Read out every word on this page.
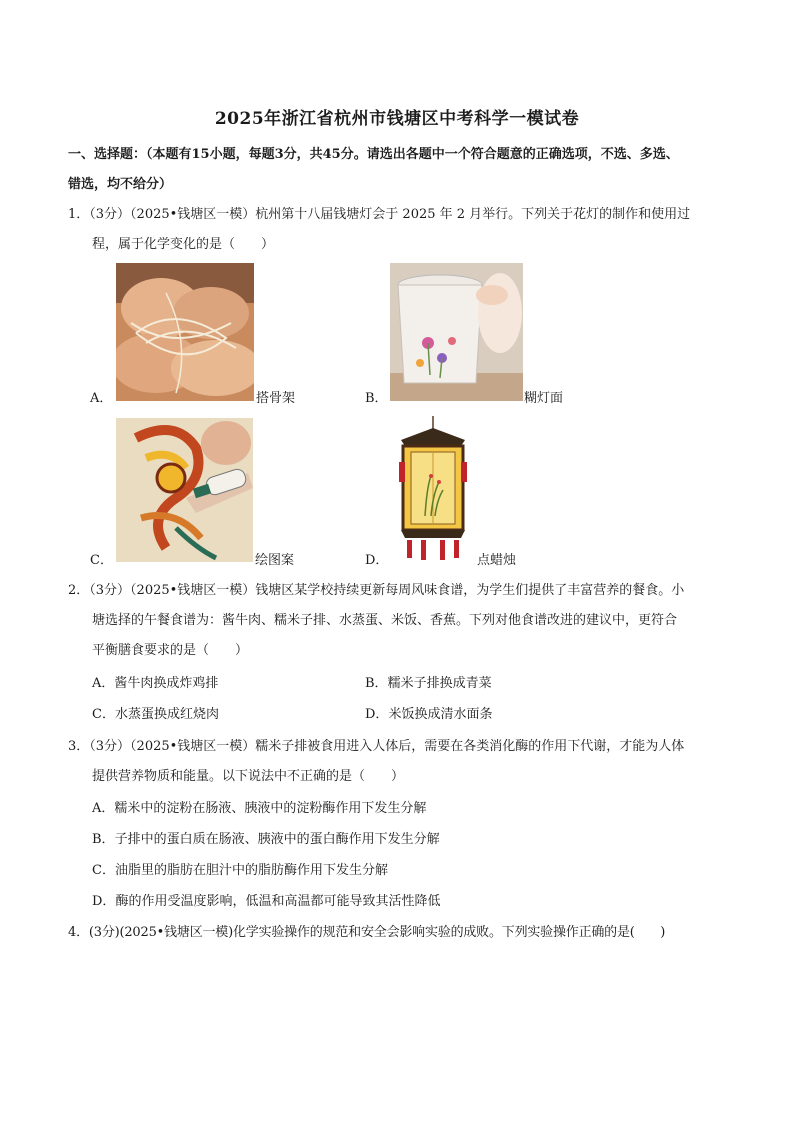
2025年浙江省杭州市钱塘区中考科学一模试卷
一、选择题：（本题有15小题，每题3分，共45分。请选出各题中一个符合题意的正确选项，不选、多选、
错选，均不给分）
1．（3分）（2025•钱塘区一模）杭州第十八届钱塘灯会于 2025 年 2 月举行。下列关于花灯的制作和使用过
程，属于化学变化的是（　　）
A．	搭骨架	B．	糊灯面
C．	绘图案	D．	点蜡烛
2．（3分）（2025•钱塘区一模）钱塘区某学校持续更新每周风味食谱，为学生们提供了丰富营养的餐食。小
塘选择的午餐食谱为：酱牛肉、糯米子排、水蒸蛋、米饭、香蕉。下列对他食谱改进的建议中，更符合
平衡膳食要求的是（　　）
A．酱牛肉换成炸鸡排	B．糯米子排换成青菜
C．水蒸蛋换成红烧肉	D．米饭换成清水面条
3．（3分）（2025•钱塘区一模）糯米子排被食用进入人体后，需要在各类消化酶的作用下代谢，才能为人体
提供营养物质和能量。以下说法中不正确的是（　　）
A．糯米中的淀粉在肠液、胰液中的淀粉酶作用下发生分解
B．子排中的蛋白质在肠液、胰液中的蛋白酶作用下发生分解
C．油脂里的脂肪在胆汁中的脂肪酶作用下发生分解
D．酶的作用受温度影响，低温和高温都可能导致其活性降低
4．(3分)(2025•钱塘区一模)化学实验操作的规范和安全会影响实验的成败。下列实验操作正确的是(　　)
